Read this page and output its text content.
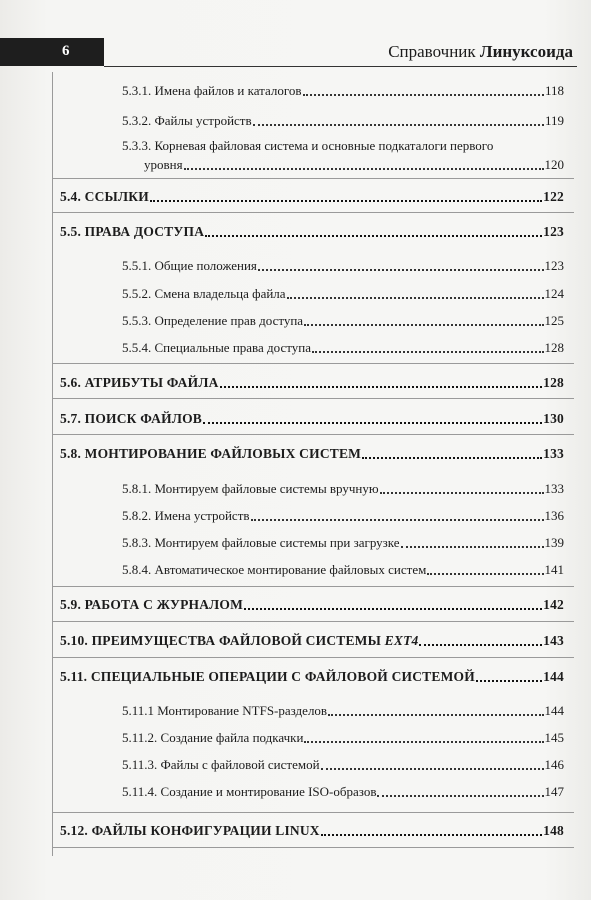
6	Справочник Линуксоида
5.3.1. Имена файлов и каталогов	118
5.3.2. Файлы устройств	119
5.3.3. Корневая файловая система и основные подкаталоги первого
уровня	120
5.4. ССЫЛКИ	122
5.5. ПРАВА ДОСТУПА	123
5.5.1. Общие положения	123
5.5.2. Смена владельца файла	124
5.5.3. Определение прав доступа	125
5.5.4. Специальные права доступа	128
5.6. АТРИБУТЫ ФАЙЛА	128
5.7. ПОИСК ФАЙЛОВ	130
5.8. МОНТИРОВАНИЕ ФАЙЛОВЫХ СИСТЕМ	133
5.8.1. Монтируем файловые системы вручную	133
5.8.2. Имена устройств	136
5.8.3. Монтируем файловые системы при загрузке	139
5.8.4. Автоматическое монтирование файловых систем	141
5.9. РАБОТА С ЖУРНАЛОМ	142
5.10. ПРЕИМУЩЕСТВА ФАЙЛОВОЙ СИСТЕМЫ EXT4	143
5.11. СПЕЦИАЛЬНЫЕ ОПЕРАЦИИ С ФАЙЛОВОЙ СИСТЕМОЙ	144
5.11.1 Монтирование NTFS-разделов	144
5.11.2. Создание файла подкачки	145
5.11.3. Файлы с файловой системой	146
5.11.4. Создание и монтирование ISO-образов	147
5.12. ФАЙЛЫ КОНФИГУРАЦИИ LINUX	148
